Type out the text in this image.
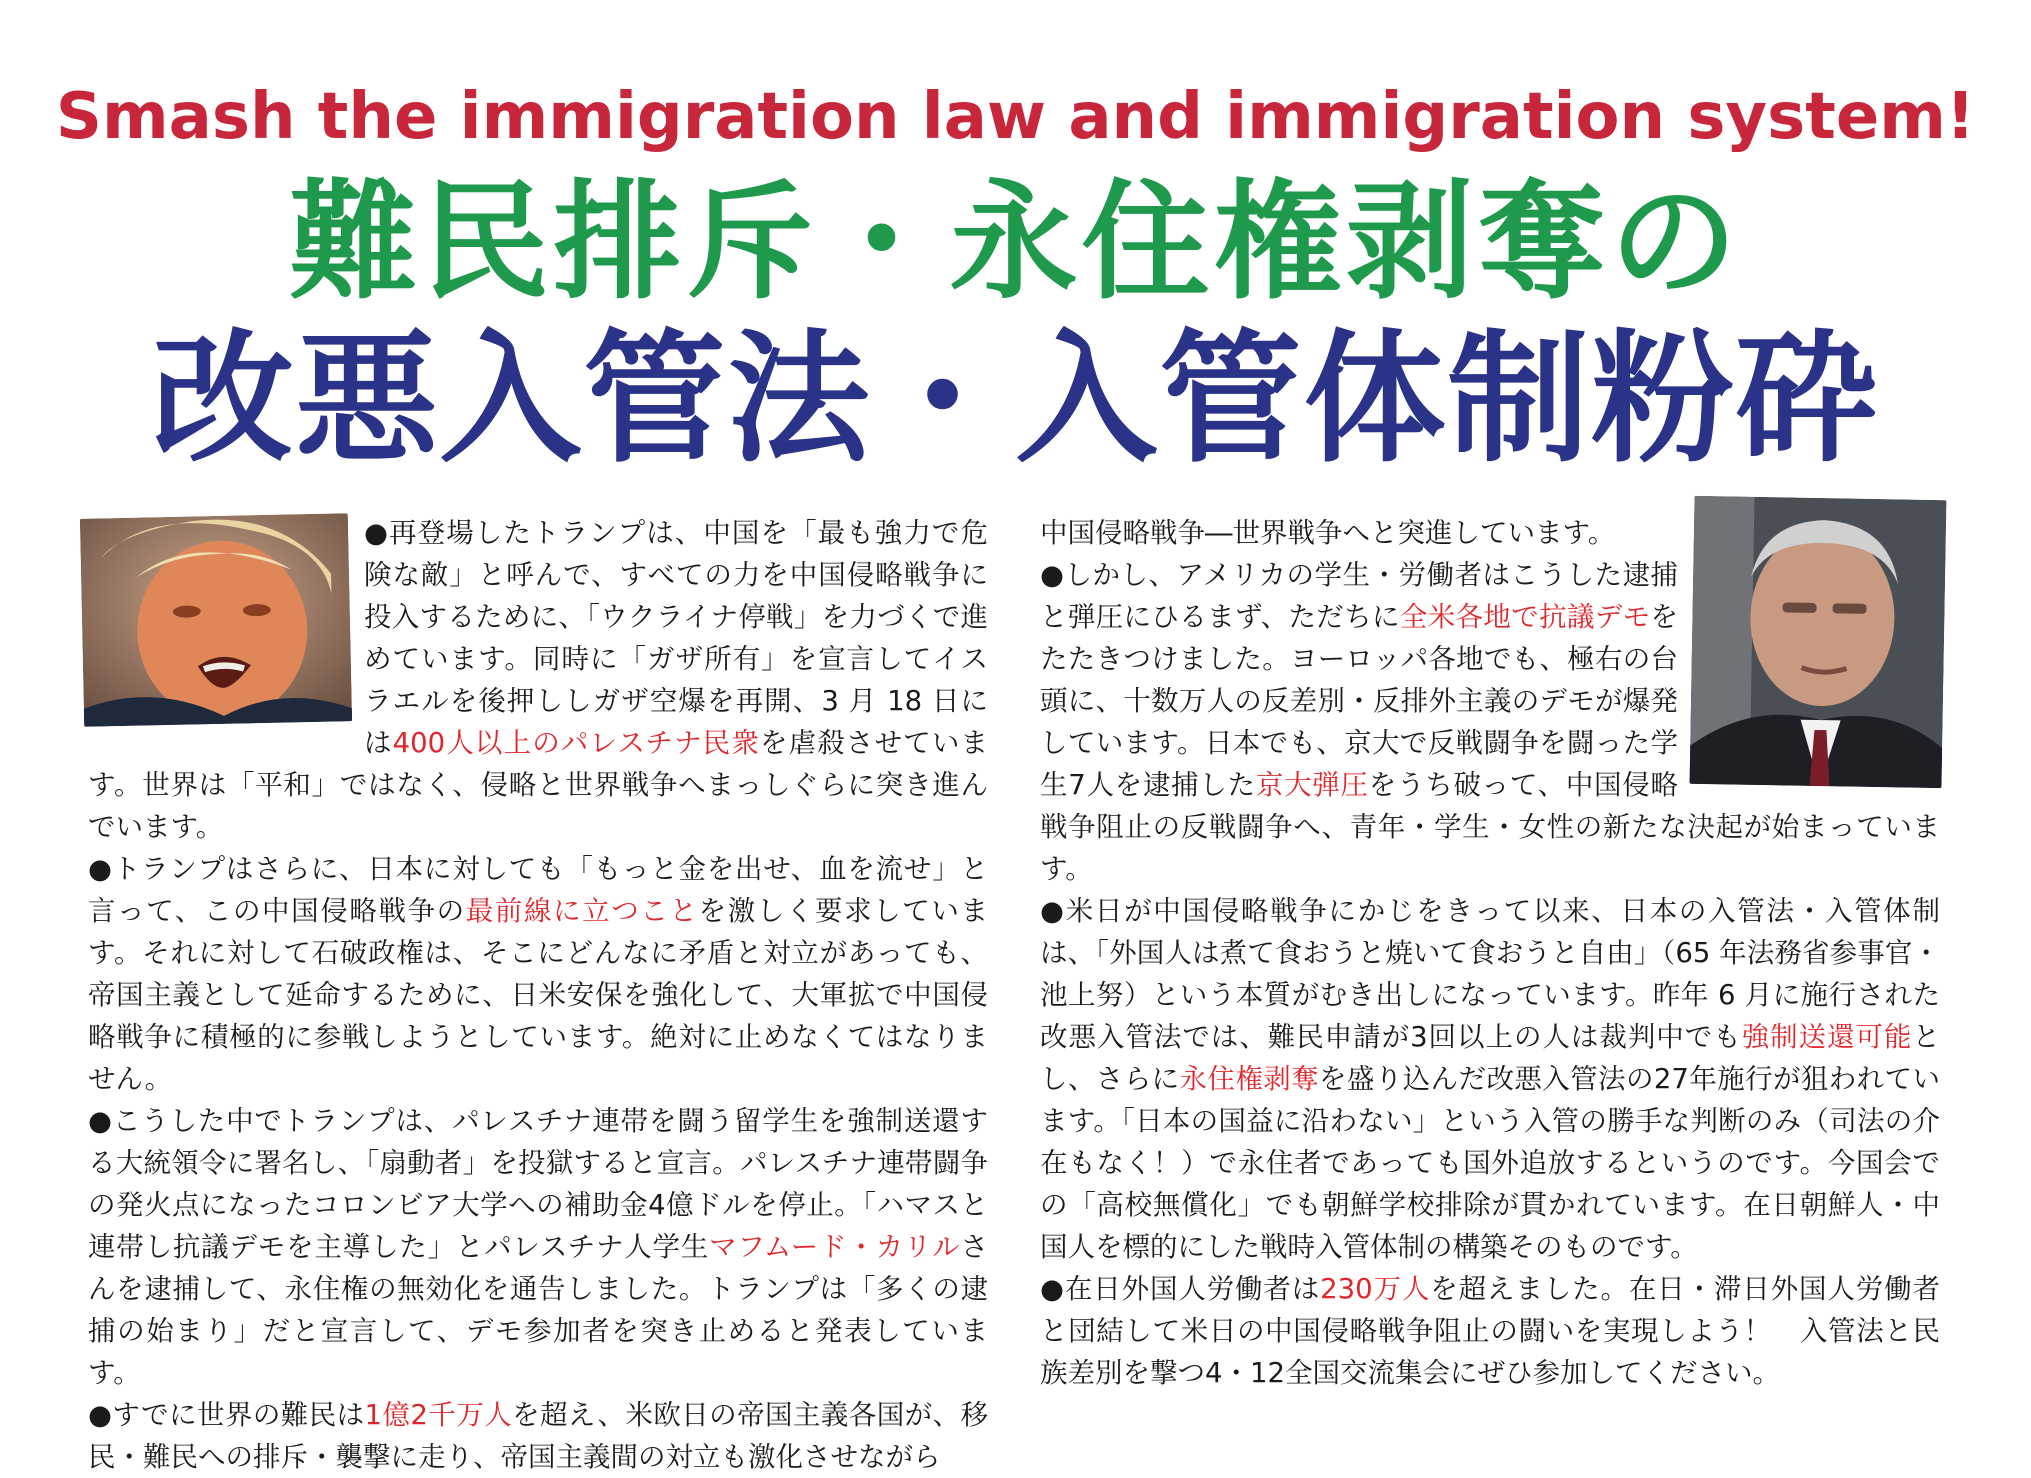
Smash the immigration law and immigration system!
難民排斥・永住権剥奪の
改悪入管法・入管体制粉砕

●再登場したトランプは、中国を「最も強力で危険な敵」と呼んで、すべての力を中国侵略戦争に投入するために、「ウクライナ停戦」を力づくで進めています。同時に「ガザ所有」を宣言してイスラエルを後押ししガザ空爆を再開、3 月 18 日には400人以上のパレスチナ民衆を虐殺させています。世界は「平和」ではなく、侵略と世界戦争へまっしぐらに突き進んでいます。

●トランプはさらに、日本に対しても「もっと金を出せ、血を流せ」と言って、この中国侵略戦争の最前線に立つことを激しく要求しています。それに対して石破政権は、そこにどんなに矛盾と対立があっても、帝国主義として延命するために、日米安保を強化して、大軍拡で中国侵略戦争に積極的に参戦しようとしています。絶対に止めなくてはなりません。

●こうした中でトランプは、パレスチナ連帯を闘う留学生を強制送還する大統領令に署名し、「扇動者」を投獄すると宣言。パレスチナ連帯闘争の発火点になったコロンビア大学への補助金4億ドルを停止。「ハマスと連帯し抗議デモを主導した」とパレスチナ人学生マフムード・カリルさんを逮捕して、永住権の無効化を通告しました。トランプは「多くの逮捕の始まり」だと宣言して、デモ参加者を突き止めると発表しています。

●すでに世界の難民は1億2千万人を超え、米欧日の帝国主義各国が、移民・難民への排斥・襲撃に走り、帝国主義間の対立も激化させながら

中国侵略戦争―世界戦争へと突進しています。

●しかし、アメリカの学生・労働者はこうした逮捕と弾圧にひるまず、ただちに全米各地で抗議デモをたたきつけました。ヨーロッパ各地でも、極右の台頭に、十数万人の反差別・反排外主義のデモが爆発しています。日本でも、京大で反戦闘争を闘った学生7人を逮捕した京大弾圧をうち破って、中国侵略戦争阻止の反戦闘争へ、青年・学生・女性の新たな決起が始まっています。

●米日が中国侵略戦争にかじをきって以来、日本の入管法・入管体制は、「外国人は煮て食おうと焼いて食おうと自由」（65 年法務省参事官・池上努）という本質がむき出しになっています。昨年 6 月に施行された改悪入管法では、難民申請が3回以上の人は裁判中でも強制送還可能とし、さらに永住権剥奪を盛り込んだ改悪入管法の27年施行が狙われています。「日本の国益に沿わない」という入管の勝手な判断のみ（司法の介在もなく！）で永住者であっても国外追放するというのです。今国会での「高校無償化」でも朝鮮学校排除が貫かれています。在日朝鮮人・中国人を標的にした戦時入管体制の構築そのものです。

●在日外国人労働者は230万人を超えました。在日・滞日外国人労働者と団結して米日の中国侵略戦争阻止の闘いを実現しよう！　入管法と民族差別を撃つ4・12全国交流集会にぜひ参加してください。
